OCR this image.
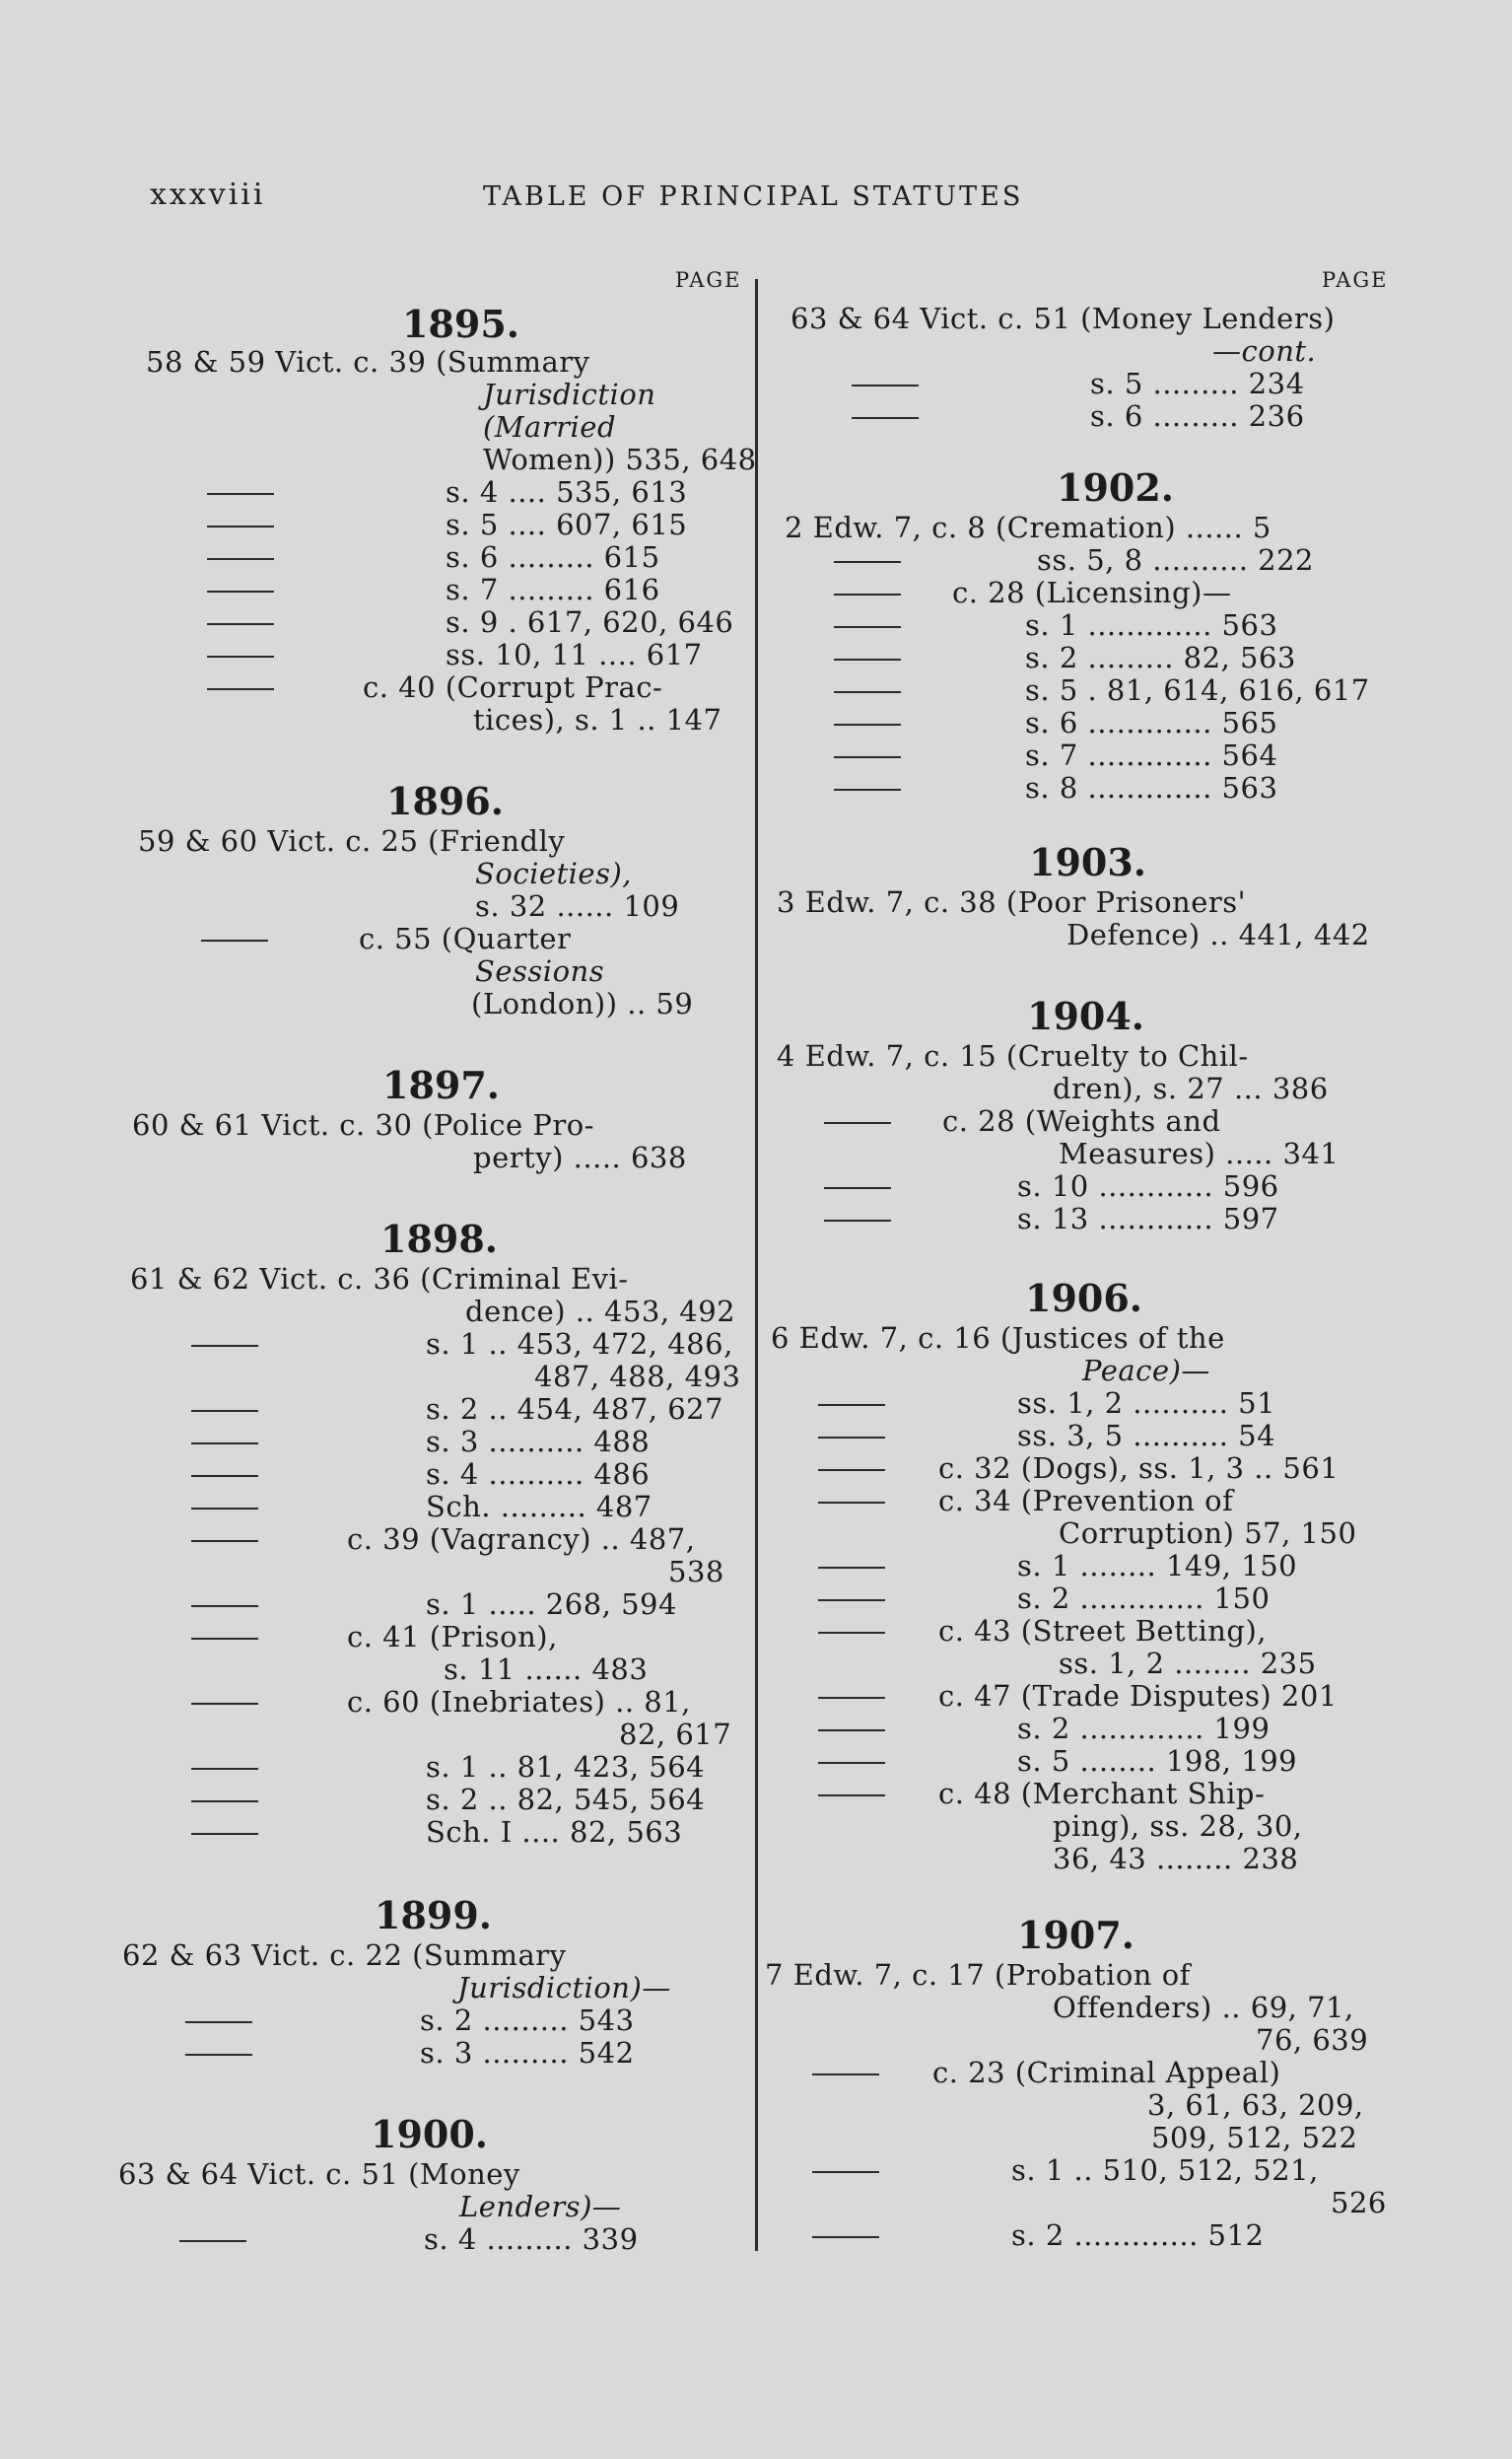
xxxviii	TABLE OF PRINCIPAL STATUTES
PAGE
1895.
58 & 59 Vict. c. 39 (Summary
Jurisdiction
(Married
Women)) 535, 648
s. 4 .... 535, 613
s. 5 .... 607, 615
s. 6 ......... 615
s. 7 ......... 616
s. 9 . 617, 620, 646
ss. 10, 11 .... 617
c. 40 (Corrupt Prac-
tices), s. 1 .. 147
1896.
59 & 60 Vict. c. 25 (Friendly
Societies),
s. 32 ...... 109
c. 55 (Quarter
Sessions
(London)) .. 59
1897.
60 & 61 Vict. c. 30 (Police Pro-
perty) ..... 638
1898.
61 & 62 Vict. c. 36 (Criminal Evi-
dence) .. 453, 492
s. 1 .. 453, 472, 486,
487, 488, 493
s. 2 .. 454, 487, 627
s. 3 .......... 488
s. 4 .......... 486
Sch. ......... 487
c. 39 (Vagrancy) .. 487,
538
s. 1 ..... 268, 594
c. 41 (Prison),
s. 11 ...... 483
c. 60 (Inebriates) .. 81,
82, 617
s. 1 .. 81, 423, 564
s. 2 .. 82, 545, 564
Sch. I .... 82, 563
1899.
62 & 63 Vict. c. 22 (Summary
Jurisdiction)—
s. 2 ......... 543
s. 3 ......... 542
1900.
63 & 64 Vict. c. 51 (Money
Lenders)—
s. 4 ......... 339
PAGE
63 & 64 Vict. c. 51 (Money Lenders)
—cont.
s. 5 ......... 234
s. 6 ......... 236
1902.
2 Edw. 7, c. 8 (Cremation) ...... 5
ss. 5, 8 .......... 222
c. 28 (Licensing)—
s. 1 ............. 563
s. 2 ......... 82, 563
s. 5 . 81, 614, 616, 617
s. 6 ............. 565
s. 7 ............. 564
s. 8 ............. 563
1903.
3 Edw. 7, c. 38 (Poor Prisoners'
Defence) .. 441, 442
1904.
4 Edw. 7, c. 15 (Cruelty to Chil-
dren), s. 27 ... 386
c. 28 (Weights and
Measures) ..... 341
s. 10 ............ 596
s. 13 ............ 597
1906.
6 Edw. 7, c. 16 (Justices of the
Peace)—
ss. 1, 2 .......... 51
ss. 3, 5 .......... 54
c. 32 (Dogs), ss. 1, 3 .. 561
c. 34 (Prevention of
Corruption) 57, 150
s. 1 ........ 149, 150
s. 2 ............. 150
c. 43 (Street Betting),
ss. 1, 2 ........ 235
c. 47 (Trade Disputes) 201
s. 2 ............. 199
s. 5 ........ 198, 199
c. 48 (Merchant Ship-
ping), ss. 28, 30,
36, 43 ........ 238
1907.
7 Edw. 7, c. 17 (Probation of
Offenders) .. 69, 71,
76, 639
c. 23 (Criminal Appeal)
3, 61, 63, 209,
509, 512, 522
s. 1 .. 510, 512, 521,
526
s. 2 ............. 512
